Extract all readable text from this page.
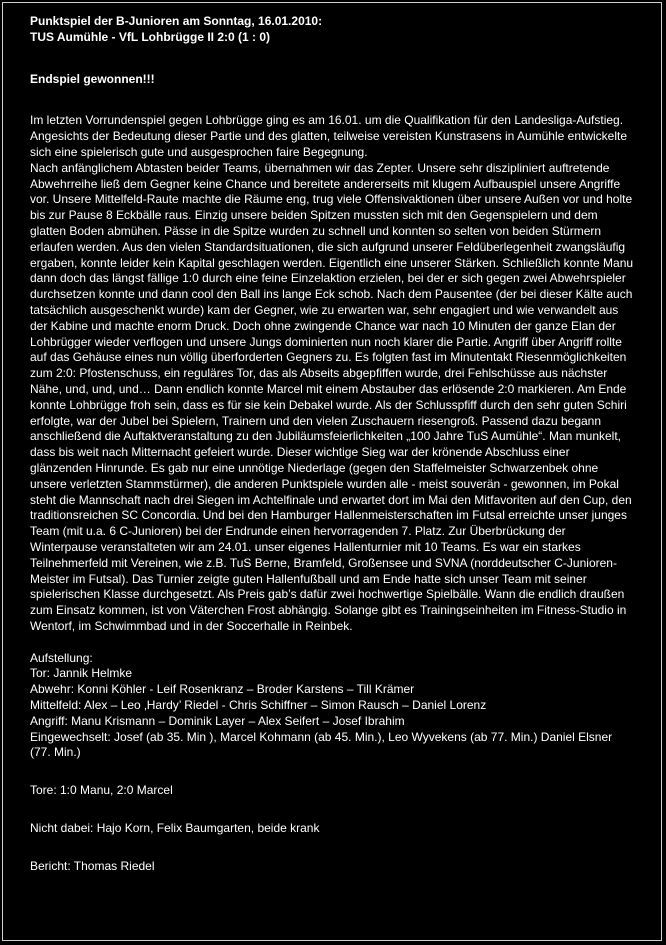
Punktspiel der B-Junioren am Sonntag, 16.01.2010:

TUS Aumühle - VfL Lohbrügge II 2:0 (1 : 0)

Endspiel gewonnen!!!

Im letzten Vorrundenspiel gegen Lohbrügge ging es am 16.01. um die Qualifikation für den Landesliga-Aufstieg. Angesichts der Bedeutung dieser Partie und des glatten, teilweise vereisten Kunstrasens in Aumühle entwickelte sich eine spielerisch gute und ausgesprochen faire Begegnung.

Nach anfänglichem Abtasten beider Teams, übernahmen wir das Zepter. Unsere sehr diszipliniert auftretende Abwehrreihe ließ dem Gegner keine Chance und bereitete andererseits mit klugem Aufbauspiel unsere Angriffe vor. Unsere Mittelfeld-Raute machte die Räume eng, trug viele Offensivaktionen über unsere Außen vor und holte bis zur Pause 8 Eckbälle raus. Einzig unsere beiden Spitzen mussten sich mit den Gegenspielern und dem glatten Boden abmühen. Pässe in die Spitze wurden zu schnell und konnten so selten von beiden Stürmern erlaufen werden. Aus den vielen Standardsituationen, die sich aufgrund unserer Feldüberlegenheit zwangsläufig ergaben, konnte leider kein Kapital geschlagen werden. Eigentlich eine unserer Stärken. Schließlich konnte Manu dann doch das längst fällige 1:0 durch eine feine Einzelaktion erzielen, bei der er sich gegen zwei Abwehrspieler durchsetzen konnte und dann cool den Ball ins lange Eck schob. Nach dem Pausentee (der bei dieser Kälte auch tatsächlich ausgeschenkt wurde) kam der Gegner, wie zu erwarten war, sehr engagiert und wie verwandelt aus der Kabine und machte enorm Druck. Doch ohne zwingende Chance war nach 10 Minuten der ganze Elan der Lohbrügger wieder verflogen und unsere Jungs dominierten nun noch klarer die Partie. Angriff über Angriff rollte auf das Gehäuse eines nun völlig überforderten Gegners zu. Es folgten fast im Minutentakt Riesenmöglichkeiten zum 2:0: Pfostenschuss, ein reguläres Tor, das als Abseits abgepfiffen wurde, drei Fehlschüsse aus nächster Nähe, und, und, und… Dann endlich konnte Marcel mit einem Abstauber das erlösende 2:0 markieren. Am Ende konnte Lohbrügge froh sein, dass es für sie kein Debakel wurde. Als der Schlusspfiff durch den sehr guten Schiri erfolgte, war der Jubel bei Spielern, Trainern und den vielen Zuschauern riesengroß. Passend dazu begann anschließend die Auftaktveranstaltung zu den Jubiläumsfeierlichkeiten „100 Jahre TuS Aumühle“. Man munkelt, dass bis weit nach Mitternacht gefeiert wurde. Dieser wichtige Sieg war der krönende Abschluss einer glänzenden Hinrunde. Es gab nur eine unnötige Niederlage (gegen den Staffelmeister Schwarzenbek ohne unsere verletzten Stammstürmer), die anderen Punktspiele wurden alle - meist souverän - gewonnen, im Pokal steht die Mannschaft nach drei Siegen im Achtelfinale und erwartet dort im Mai den Mitfavoriten auf den Cup, den traditionsreichen SC Concordia. Und bei den Hamburger Hallenmeisterschaften im Futsal erreichte unser junges Team (mit u.a. 6 C-Junioren) bei der Endrunde einen hervorragenden 7. Platz. Zur Überbrückung der Winterpause veranstalteten wir am 24.01. unser eigenes Hallenturnier mit 10 Teams. Es war ein starkes Teilnehmerfeld mit Vereinen, wie z.B. TuS Berne, Bramfeld, Großensee und SVNA (norddeutscher C-Junioren-Meister im Futsal). Das Turnier zeigte guten Hallenfußball und am Ende hatte sich unser Team mit seiner spielerischen Klasse durchgesetzt. Als Preis gab’s dafür zwei hochwertige Spielbälle. Wann die endlich draußen zum Einsatz kommen, ist von Väterchen Frost abhängig. Solange gibt es Trainingseinheiten im Fitness-Studio in Wentorf, im Schwimmbad und in der Soccerhalle in Reinbek.

Aufstellung:

Tor: Jannik Helmke

Abwehr: Konni Köhler - Leif Rosenkranz – Broder Karstens – Till Krämer

Mittelfeld: Alex – Leo ‚Hardy’ Riedel - Chris Schiffner – Simon Rausch – Daniel Lorenz

Angriff: Manu Krismann – Dominik Layer – Alex Seifert – Josef Ibrahim

Eingewechselt: Josef (ab 35. Min ), Marcel Kohmann (ab 45. Min.), Leo Wyvekens (ab 77. Min.) Daniel Elsner (77. Min.)

Tore: 1:0 Manu, 2:0 Marcel

Nicht dabei: Hajo Korn, Felix Baumgarten, beide krank

Bericht: Thomas Riedel
